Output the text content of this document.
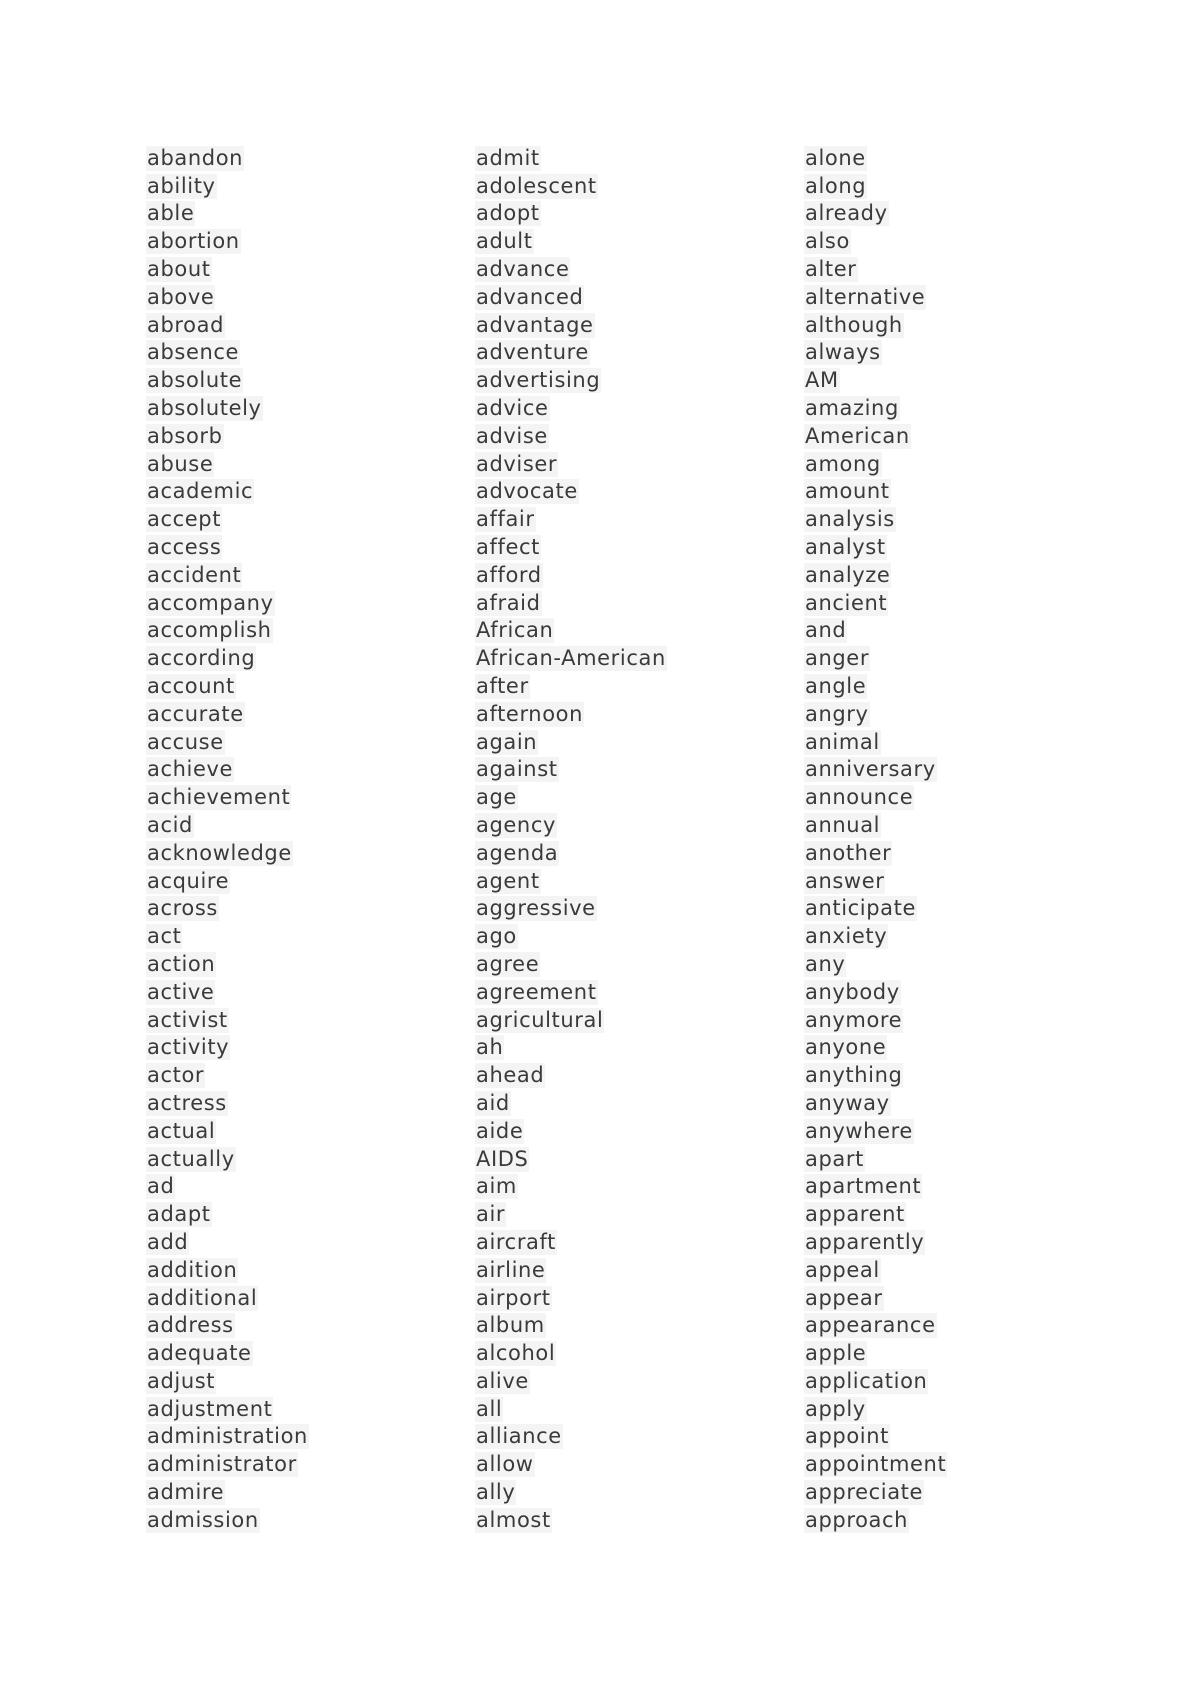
abandon
ability
able
abortion
about
above
abroad
absence
absolute
absolutely
absorb
abuse
academic
accept
access
accident
accompany
accomplish
according
account
accurate
accuse
achieve
achievement
acid
acknowledge
acquire
across
act
action
active
activist
activity
actor
actress
actual
actually
ad
adapt
add
addition
additional
address
adequate
adjust
adjustment
administration
administrator
admire
admission
admit
adolescent
adopt
adult
advance
advanced
advantage
adventure
advertising
advice
advise
adviser
advocate
affair
affect
afford
afraid
African
African-American
after
afternoon
again
against
age
agency
agenda
agent
aggressive
ago
agree
agreement
agricultural
ah
ahead
aid
aide
AIDS
aim
air
aircraft
airline
airport
album
alcohol
alive
all
alliance
allow
ally
almost
alone
along
already
also
alter
alternative
although
always
AM
amazing
American
among
amount
analysis
analyst
analyze
ancient
and
anger
angle
angry
animal
anniversary
announce
annual
another
answer
anticipate
anxiety
any
anybody
anymore
anyone
anything
anyway
anywhere
apart
apartment
apparent
apparently
appeal
appear
appearance
apple
application
apply
appoint
appointment
appreciate
approach
